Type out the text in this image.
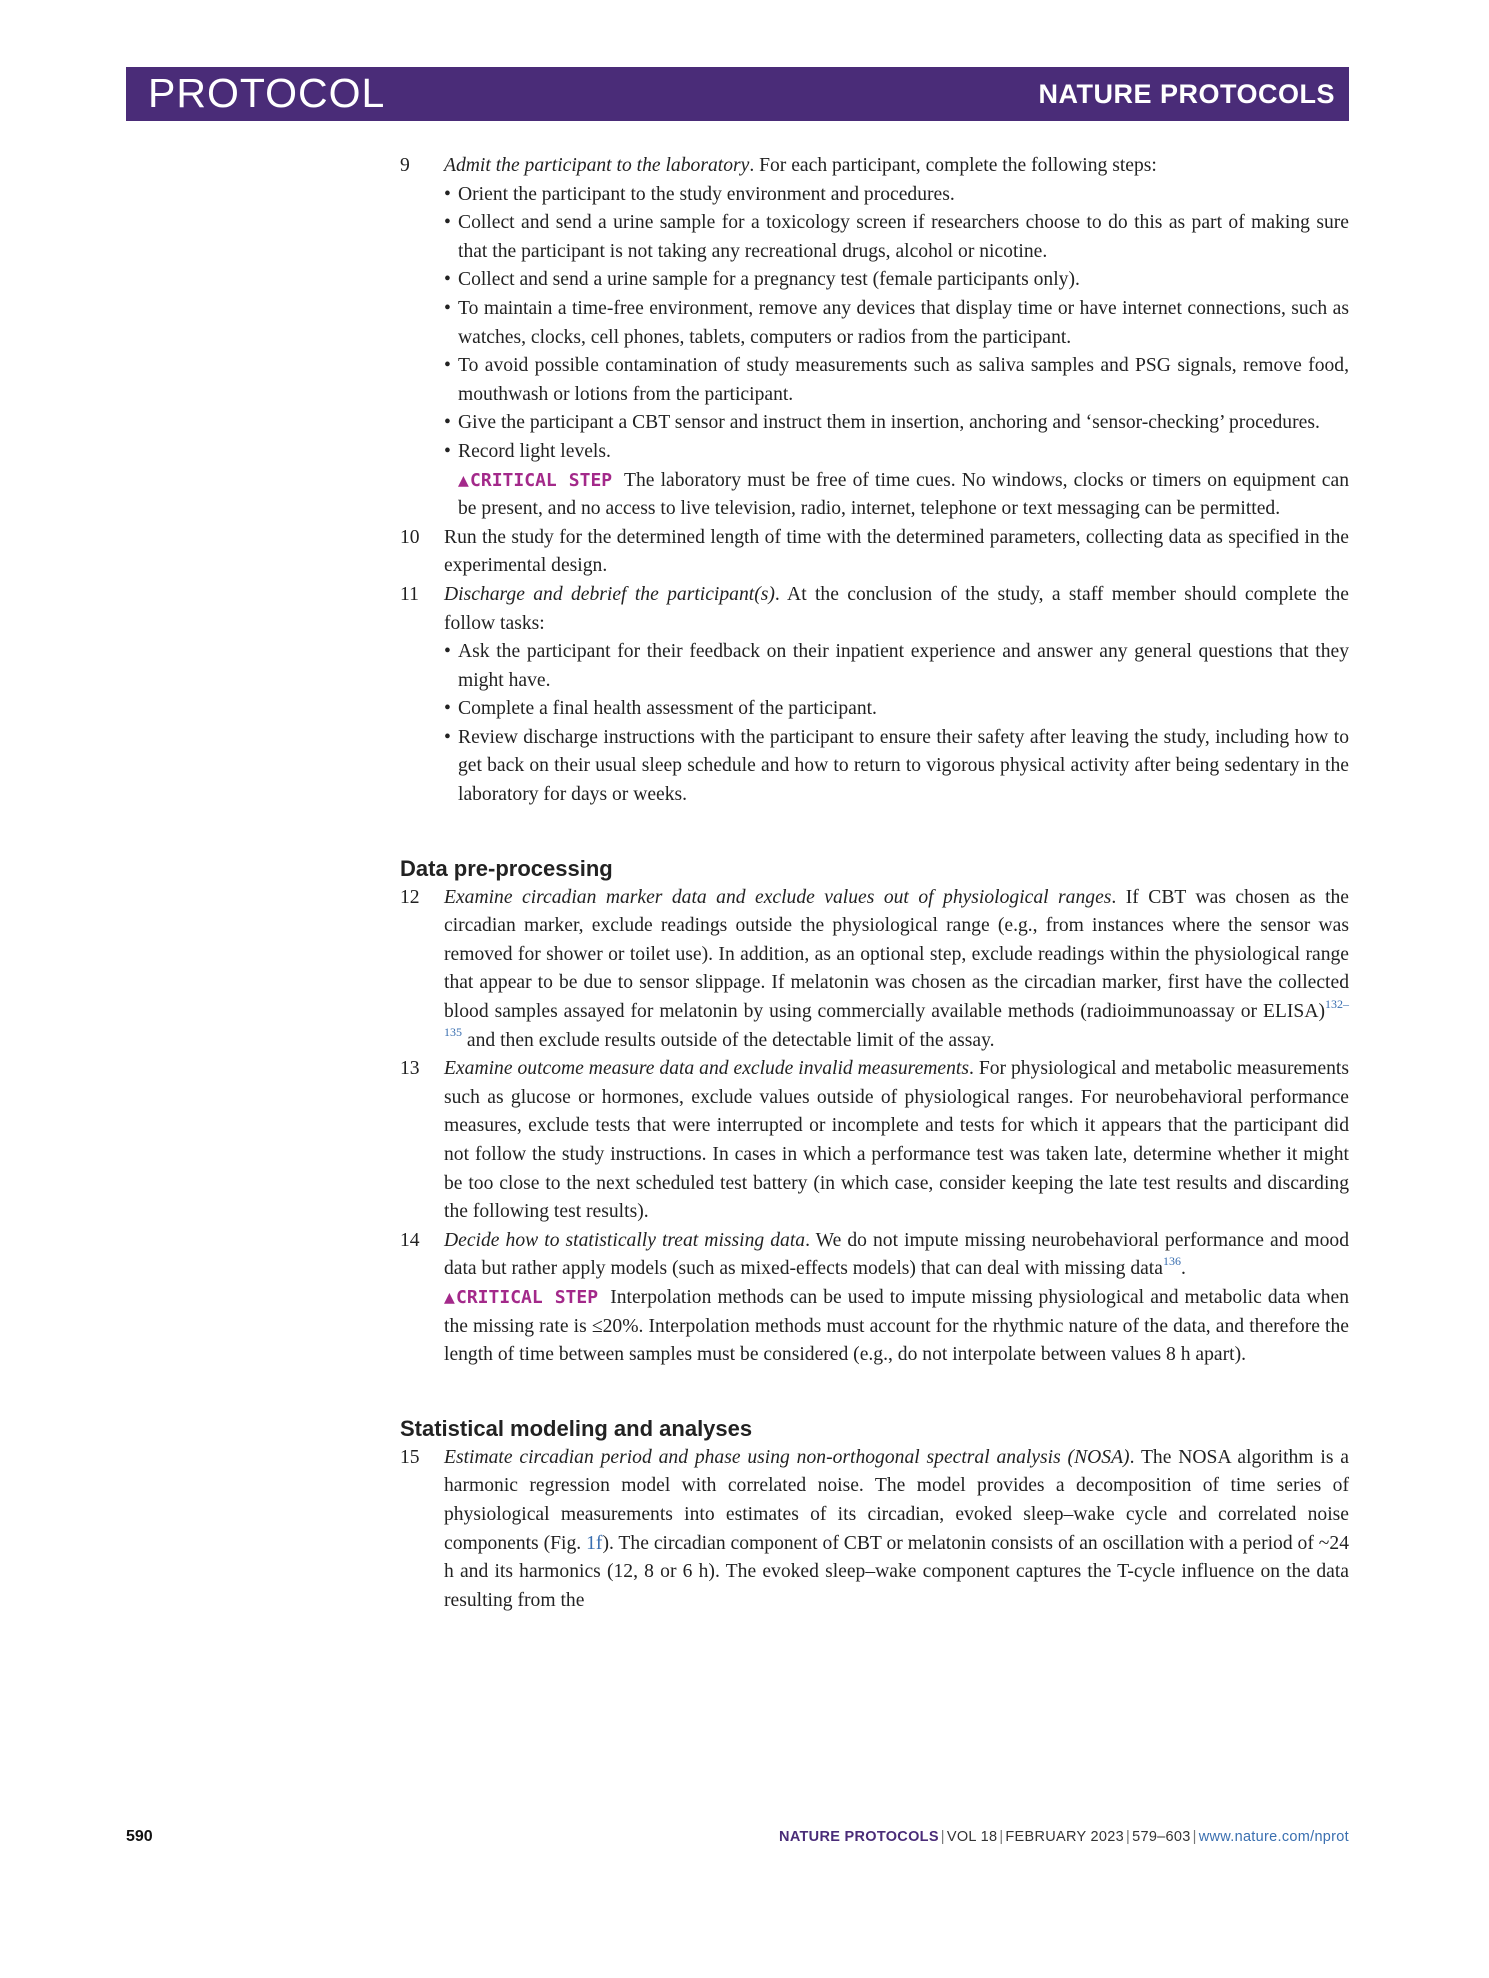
PROTOCOL	NATURE PROTOCOLS
9 Admit the participant to the laboratory. For each participant, complete the following steps:
• Orient the participant to the study environment and procedures.
• Collect and send a urine sample for a toxicology screen if researchers choose to do this as part of making sure that the participant is not taking any recreational drugs, alcohol or nicotine.
• Collect and send a urine sample for a pregnancy test (female participants only).
• To maintain a time-free environment, remove any devices that display time or have internet connections, such as watches, clocks, cell phones, tablets, computers or radios from the participant.
• To avoid possible contamination of study measurements such as saliva samples and PSG signals, remove food, mouthwash or lotions from the participant.
• Give the participant a CBT sensor and instruct them in insertion, anchoring and ‘sensor-checking’ procedures.
• Record light levels.
▲CRITICAL STEP The laboratory must be free of time cues. No windows, clocks or timers on equipment can be present, and no access to live television, radio, internet, telephone or text messaging can be permitted.
10 Run the study for the determined length of time with the determined parameters, collecting data as specified in the experimental design.
11 Discharge and debrief the participant(s). At the conclusion of the study, a staff member should complete the follow tasks:
• Ask the participant for their feedback on their inpatient experience and answer any general questions that they might have.
• Complete a final health assessment of the participant.
• Review discharge instructions with the participant to ensure their safety after leaving the study, including how to get back on their usual sleep schedule and how to return to vigorous physical activity after being sedentary in the laboratory for days or weeks.
Data pre-processing
12 Examine circadian marker data and exclude values out of physiological ranges. If CBT was chosen as the circadian marker, exclude readings outside the physiological range (e.g., from instances where the sensor was removed for shower or toilet use). In addition, as an optional step, exclude readings within the physiological range that appear to be due to sensor slippage. If melatonin was chosen as the circadian marker, first have the collected blood samples assayed for melatonin by using commercially available methods (radioimmunoassay or ELISA)$^{132-135}$ and then exclude results outside of the detectable limit of the assay.
13 Examine outcome measure data and exclude invalid measurements. For physiological and metabolic measurements such as glucose or hormones, exclude values outside of physiological ranges. For neurobehavioral performance measures, exclude tests that were interrupted or incomplete and tests for which it appears that the participant did not follow the study instructions. In cases in which a performance test was taken late, determine whether it might be too close to the next scheduled test battery (in which case, consider keeping the late test results and discarding the following test results).
14 Decide how to statistically treat missing data. We do not impute missing neurobehavioral performance and mood data but rather apply models (such as mixed-effects models) that can deal with missing data$^{136}$.
▲CRITICAL STEP Interpolation methods can be used to impute missing physiological and metabolic data when the missing rate is ≤20%. Interpolation methods must account for the rhythmic nature of the data, and therefore the length of time between samples must be considered (e.g., do not interpolate between values 8 h apart).
Statistical modeling and analyses
15 Estimate circadian period and phase using non-orthogonal spectral analysis (NOSA). The NOSA algorithm is a harmonic regression model with correlated noise. The model provides a decomposition of time series of physiological measurements into estimates of its circadian, evoked sleep–wake cycle and correlated noise components (Fig. 1f). The circadian component of CBT or melatonin consists of an oscillation with a period of ~24 h and its harmonics (12, 8 or 6 h). The evoked sleep–wake component captures the T-cycle influence on the data resulting from the
590	NATURE PROTOCOLS | VOL 18 | FEBRUARY 2023 | 579–603 | www.nature.com/nprot
